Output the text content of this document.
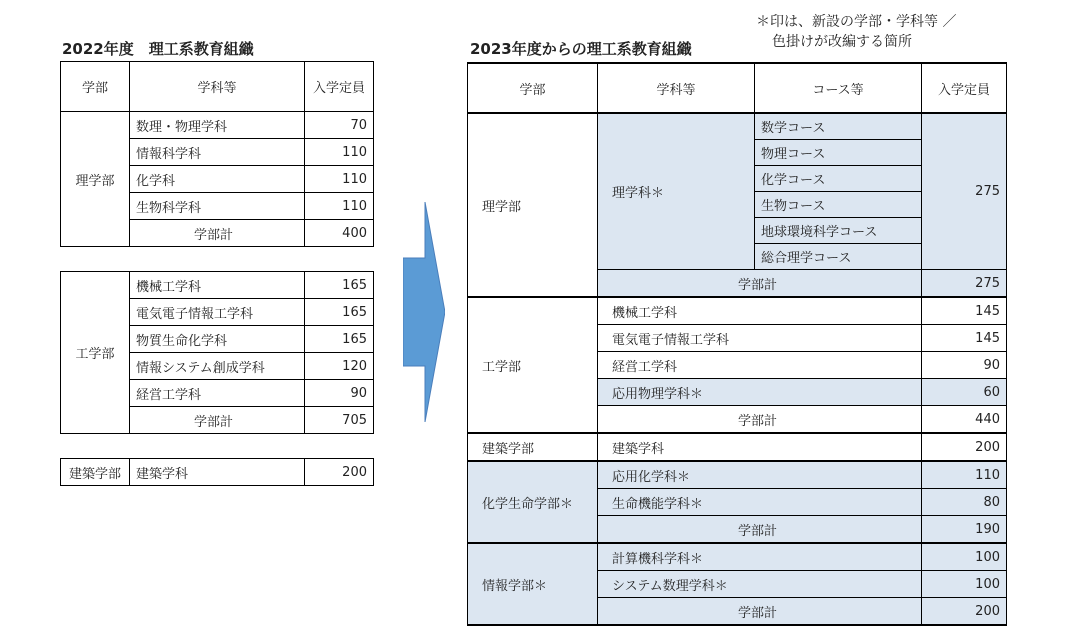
2022年度　理工系教育組織	2023年度からの理工系教育組織
＊印は、新設の学部・学科等 ／
色掛けが改編する箇所
学部	学科等	入学定員
理学部	数理・物理学科	70
	情報科学科	110
	化学科	110
	生物科学科	110
	学部計	400
工学部	機械工学科	165
	電気電子情報工学科	165
	物質生命化学科	165
	情報システム創成学科	120
	経営工学科	90
	学部計	705
建築学部	建築学科	200
学部	学科等	コース等	入学定員
理学部	理学科＊	数学コース	275
		物理コース	
		化学コース	
		生物コース	
		地球環境科学コース	
		総合理学コース	
	学部計		275
工学部	機械工学科		145
	電気電子情報工学科		145
	経営工学科		90
	応用物理学科＊		60
	学部計		440
建築学部	建築学科		200
化学生命学部＊	応用化学科＊		110
	生命機能学科＊		80
	学部計		190
情報学部＊	計算機科学科＊		100
	システム数理学科＊		100
	学部計		200
